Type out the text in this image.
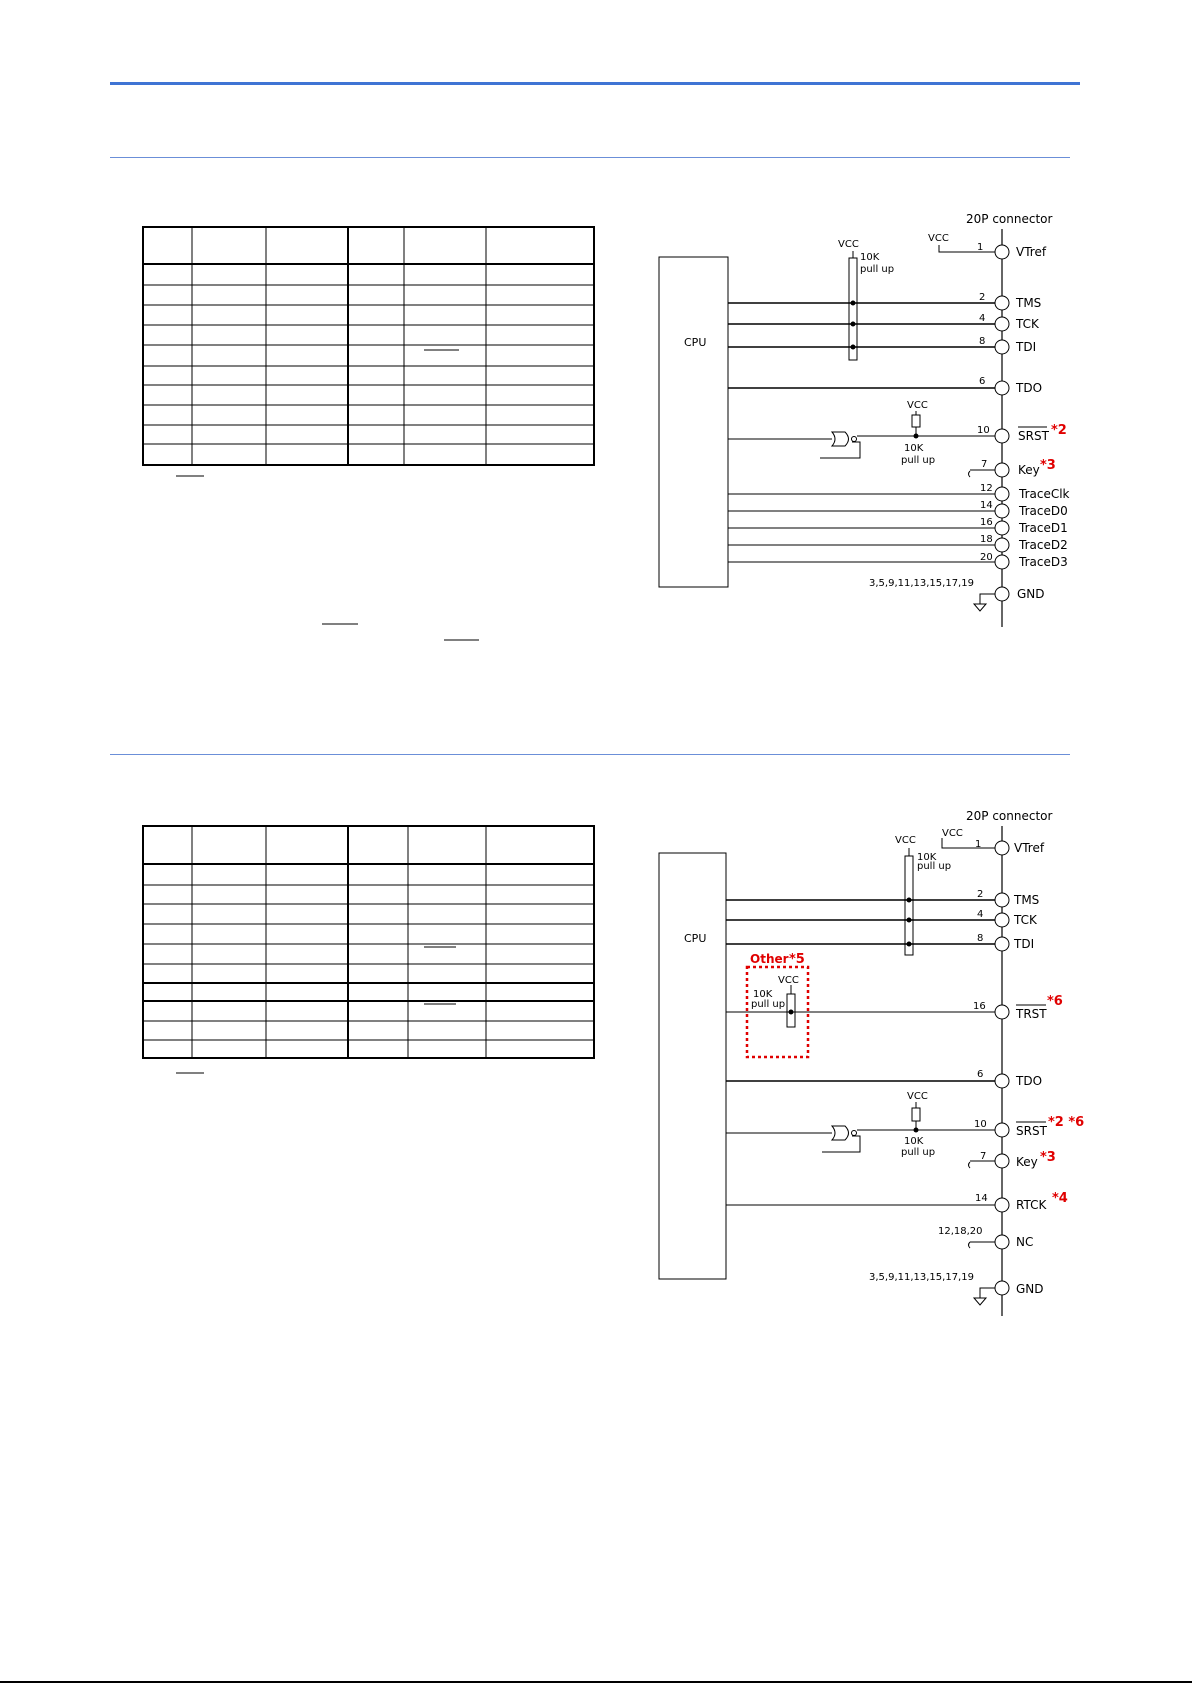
20P connector
CPU
VCC
1
VCC
10K
pull up
2
4
8
6
VCC
10K
pull up
10
7
12
14
16
18
20
3,5,9,11,13,15,17,19
VTref
TMS
TCK
TDI
TDO
SRST *2
Key *3
TraceClk
TraceD0
TraceD1
TraceD2
TraceD3
GND
20P connector
CPU
VCC
1
VCC
10K
pull up
2
4
8
Other *5
VCC
10K
pull up	16
6
VCC
10K
pull up
10
7
14
12,18,20
3,5,9,11,13,15,17,19
VTref
TMS
TCK
TDI
TRST
*6
TDO
SRST
*2 *6
Key *3
RTCK *4
NC
GND
